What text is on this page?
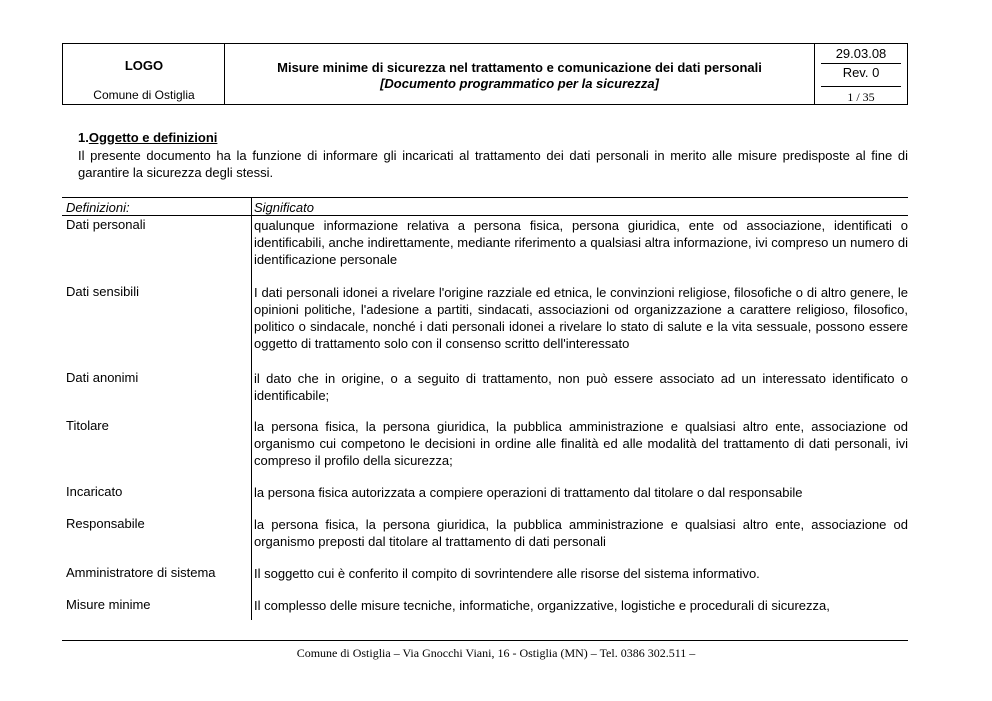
LOGO
Comune di Ostiglia
Misure minime di sicurezza nel trattamento e comunicazione dei dati personali
[Documento programmatico per la sicurezza]
29.03.08
Rev. 0
1 / 35
1.Oggetto e definizioni
Il presente documento ha la funzione di informare gli incaricati al trattamento dei dati personali in merito alle misure predisposte al fine di garantire la sicurezza degli stessi.
Definizioni:	Significato
Dati personali	qualunque informazione relativa a persona fisica, persona giuridica, ente od associazione, identificati o identificabili, anche indirettamente, mediante riferimento a qualsiasi altra informazione, ivi compreso un numero di identificazione personale
Dati sensibili	I dati personali idonei a rivelare l'origine razziale ed etnica, le convinzioni religiose, filosofiche o di altro genere, le opinioni politiche, l'adesione a partiti, sindacati, associazioni od organizzazione a carattere religioso, filosofico, politico o sindacale, nonché i dati personali idonei a rivelare lo stato di salute e la vita sessuale, possono essere oggetto di trattamento solo con il consenso scritto dell'interessato
Dati anonimi	il dato che in origine, o a seguito di trattamento, non può essere associato ad un interessato identificato o identificabile;
Titolare	la persona fisica, la persona giuridica, la pubblica amministrazione e qualsiasi altro ente, associazione od organismo cui competono le decisioni in ordine alle finalità ed alle modalità del trattamento di dati personali, ivi compreso il profilo della sicurezza;
Incaricato	la persona fisica autorizzata a compiere operazioni di trattamento dal titolare o dal responsabile
Responsabile	la persona fisica, la persona giuridica, la pubblica amministrazione e qualsiasi altro ente, associazione od organismo preposti dal titolare al trattamento di dati personali
Amministratore di sistema	Il soggetto cui è conferito il compito di sovrintendere alle risorse del sistema informativo.
Misure minime	Il complesso delle misure tecniche, informatiche, organizzative, logistiche e procedurali di sicurezza,
Comune di Ostiglia – Via Gnocchi Viani, 16 - Ostiglia (MN) – Tel. 0386 302.511 –
